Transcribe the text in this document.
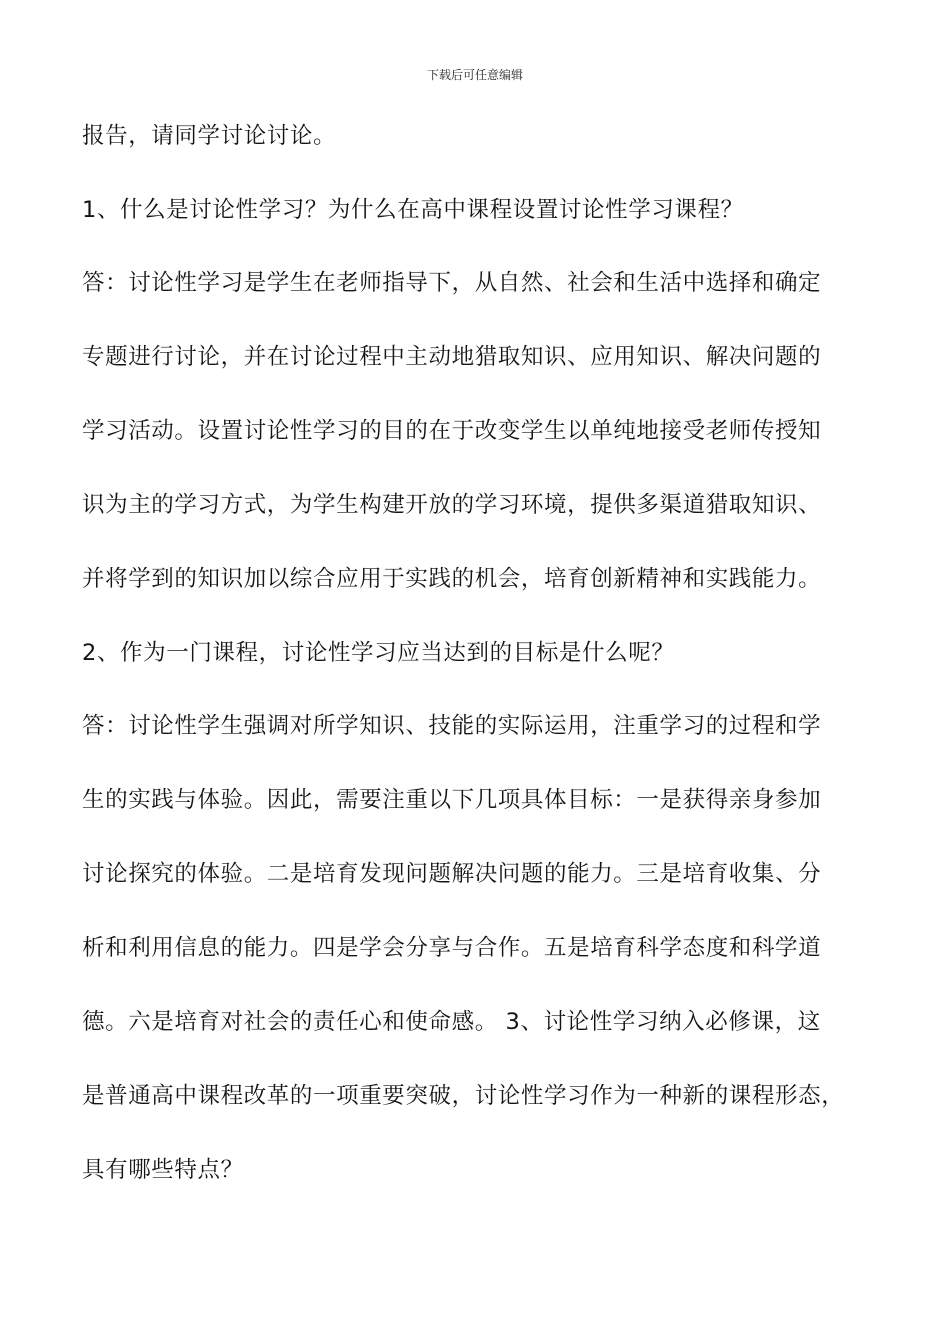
下载后可任意编辑
报告，请同学讨论讨论。
1、什么是讨论性学习？为什么在高中课程设置讨论性学习课程？
答：讨论性学习是学生在老师指导下，从自然、社会和生活中选择和确定
专题进行讨论，并在讨论过程中主动地猎取知识、应用知识、解决问题的
学习活动。设置讨论性学习的目的在于改变学生以单纯地接受老师传授知
识为主的学习方式，为学生构建开放的学习环境，提供多渠道猎取知识、
并将学到的知识加以综合应用于实践的机会，培育创新精神和实践能力。
2、作为一门课程，讨论性学习应当达到的目标是什么呢？
答：讨论性学生强调对所学知识、技能的实际运用，注重学习的过程和学
生的实践与体验。因此，需要注重以下几项具体目标：一是获得亲身参加
讨论探究的体验。二是培育发现问题解决问题的能力。三是培育收集、分
析和利用信息的能力。四是学会分享与合作。五是培育科学态度和科学道
德。六是培育对社会的责任心和使命感。 3、讨论性学习纳入必修课，这
是普通高中课程改革的一项重要突破，讨论性学习作为一种新的课程形态，
具有哪些特点？
